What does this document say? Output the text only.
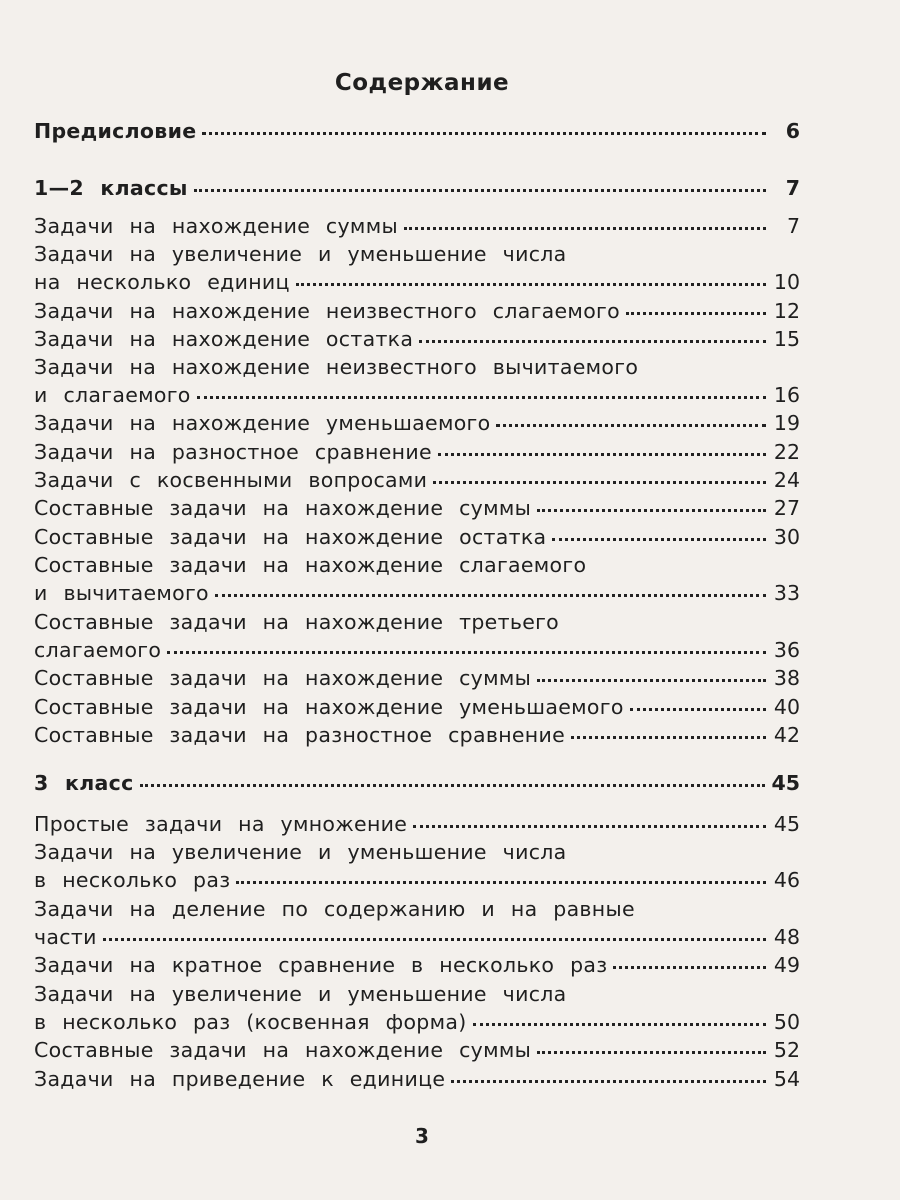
Содержание
Предисловие	6
1—2 классы	7
Задачи на нахождение суммы	7
Задачи на увеличение и уменьшение числа
на несколько единиц	10
Задачи на нахождение неизвестного слагаемого	12
Задачи на нахождение остатка	15
Задачи на нахождение неизвестного вычитаемого
и слагаемого	16
Задачи на нахождение уменьшаемого	19
Задачи на разностное сравнение	22
Задачи с косвенными вопросами	24
Составные задачи на нахождение суммы	27
Составные задачи на нахождение остатка	30
Составные задачи на нахождение слагаемого
и вычитаемого	33
Составные задачи на нахождение третьего
слагаемого	36
Составные задачи на нахождение суммы	38
Составные задачи на нахождение уменьшаемого	40
Составные задачи на разностное сравнение	42
3 класс	45
Простые задачи на умножение	45
Задачи на увеличение и уменьшение числа
в несколько раз	46
Задачи на деление по содержанию и на равные
части	48
Задачи на кратное сравнение в несколько раз	49
Задачи на увеличение и уменьшение числа
в несколько раз (косвенная форма)	50
Составные задачи на нахождение суммы	52
Задачи на приведение к единице	54
3
